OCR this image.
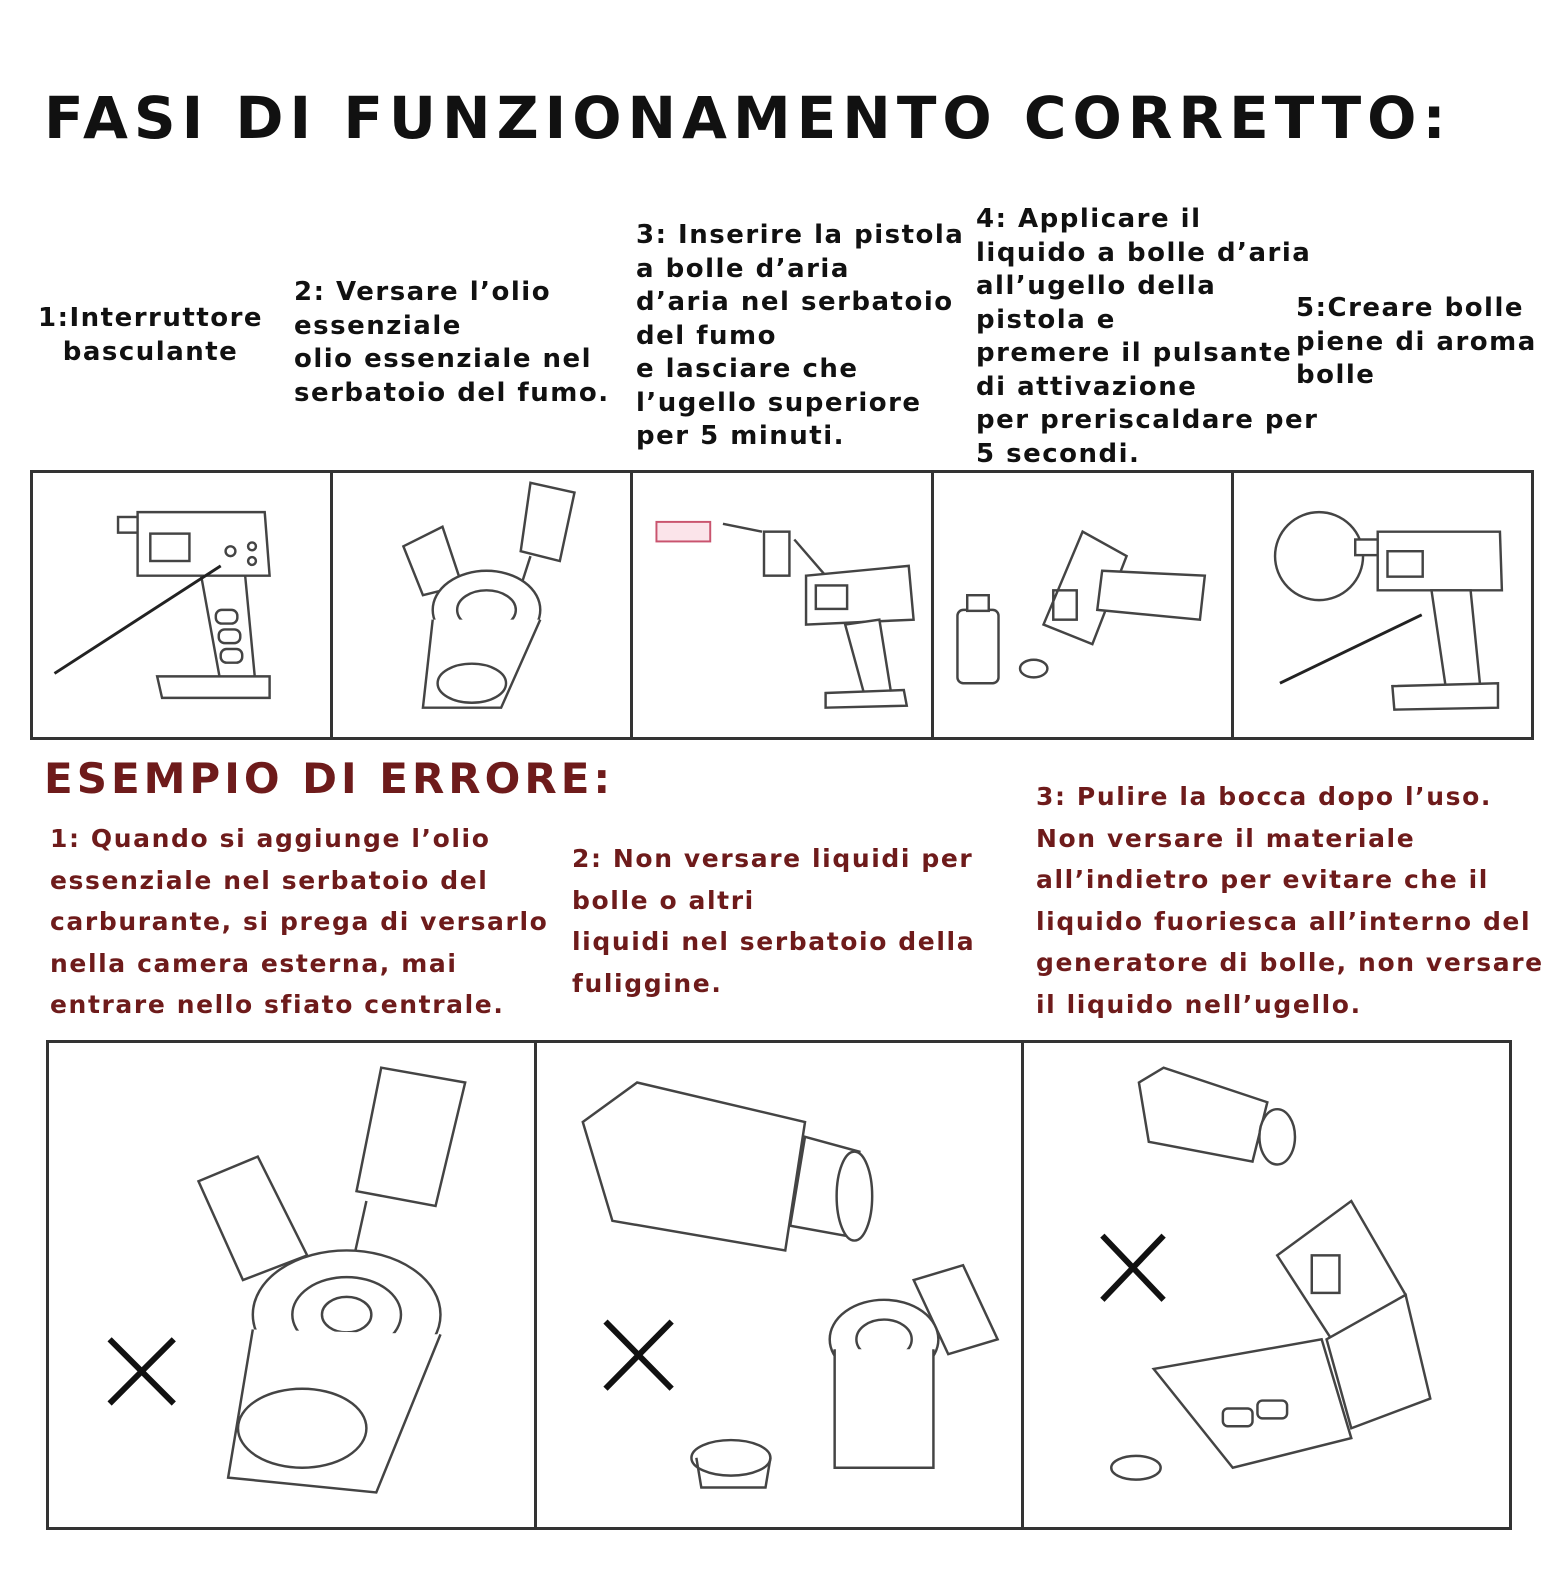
FASI DI FUNZIONAMENTO CORRETTO:

1:Interruttore
basculante

2: Versare l’olio
essenziale
olio essenziale nel
serbatoio del fumo.

3: Inserire la pistola
a bolle d’aria
d’aria nel serbatoio
del fumo
e lasciare che
l’ugello superiore
per 5 minuti.

4: Applicare il
liquido a bolle d’aria
all’ugello della
pistola e
premere il pulsante
di attivazione
per preriscaldare per
5 secondi.

5:Creare bolle
piene di aroma
bolle

ESEMPIO DI ERRORE:

1: Quando si aggiunge l’olio
essenziale nel serbatoio del
carburante, si prega di versarlo
nella camera esterna, mai
entrare nello sfiato centrale.

2: Non versare liquidi per
bolle o altri
liquidi nel serbatoio della
fuliggine.

3: Pulire la bocca dopo l’uso.
Non versare il materiale
all’indietro per evitare che il
liquido fuoriesca all’interno del
generatore di bolle, non versare
il liquido nell’ugello.
